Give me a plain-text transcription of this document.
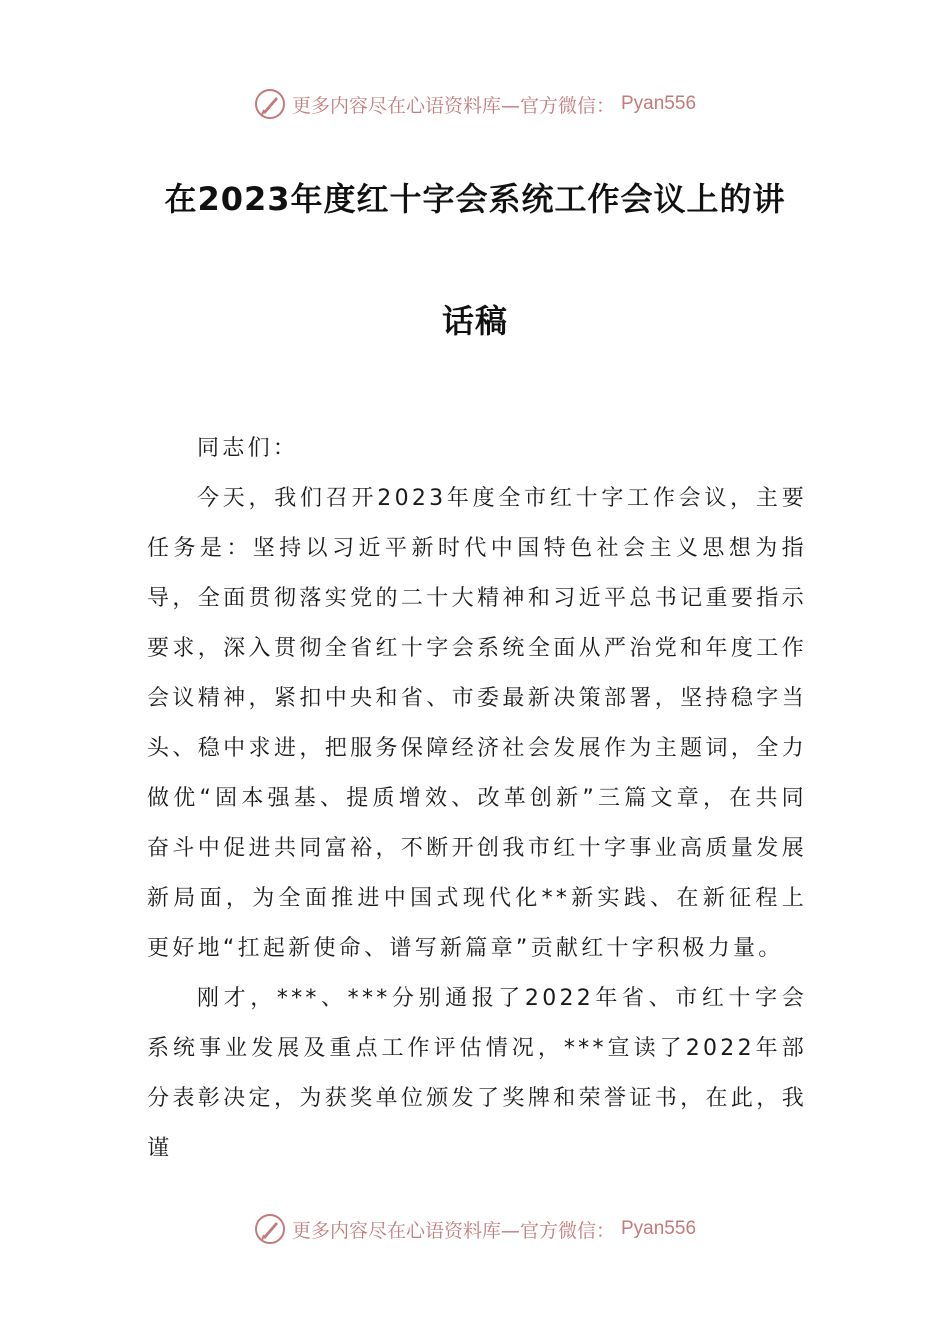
更多内容尽在心语资料库—官方微信： Pyan556
在2023年度红十字会系统工作会议上的讲
话稿

同志们：

今天，我们召开2023年度全市红十字工作会议，主要任务是：坚持以习近平新时代中国特色社会主义思想为指导，全面贯彻落实党的二十大精神和习近平总书记重要指示要求，深入贯彻全省红十字会系统全面从严治党和年度工作会议精神，紧扣中央和省、市委最新决策部署，坚持稳字当头、稳中求进，把服务保障经济社会发展作为主题词，全力做优“固本强基、提质增效、改革创新”三篇文章，在共同奋斗中促进共同富裕，不断开创我市红十字事业高质量发展新局面，为全面推进中国式现代化**新实践、在新征程上更好地“扛起新使命、谱写新篇章”贡献红十字积极力量。

刚才，***、***分别通报了2022年省、市红十字会系统事业发展及重点工作评估情况，***宣读了2022年部分表彰决定，为获奖单位颁发了奖牌和荣誉证书，在此，我谨

更多内容尽在心语资料库—官方微信： Pyan556
